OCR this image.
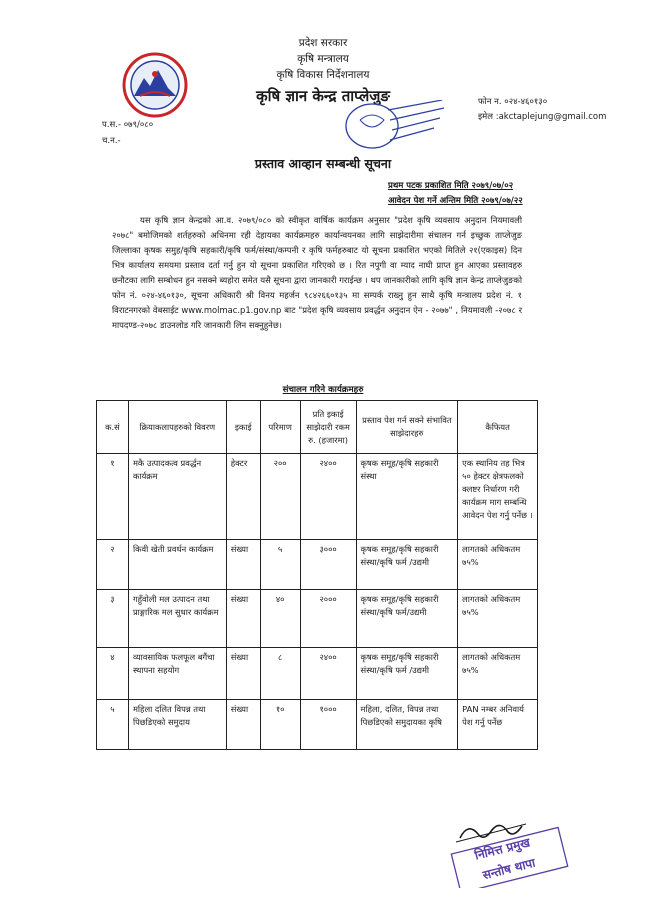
प्रदेश सरकार
कृषि मन्त्रालय
कृषि विकास निर्देशनालय
कृषि ज्ञान केन्द्र ताप्लेजुङ	फोन न. ०२४-४६०१३०
इमेल :akctaplejung@gmail.com
प.स.- ०७९/०८०
च.न.-
प्रस्ताव आव्हान सम्बन्धी सूचना
प्रथम पटक प्रकाशित मिति २०७९/०७/०२
आवेदन पेश गर्ने अन्तिम मिति २०७९/०७/२२
यस कृषि ज्ञान केन्द्रको आ.व. २०७९/०८० को स्वीकृत वार्षिक कार्यक्रम अनुसार "प्रदेश कृषि व्यवसाय अनुदान नियमावली २०७८" बमोजिमको शर्तहरुको अधिनमा रही देहायका कार्यक्रमहरु कार्यान्वयनका लागि साझेदारीमा संचालन गर्न इच्छुक ताप्लेजुङ जिल्लाका कृषक समुह/कृषि सहकारी/कृषि फर्म/संस्था/कम्पनी र कृषि फर्महरुबाट यो सूचना प्रकाशित भएको मितिले २१(एकाइस) दिन भित्र कार्यालय समयमा प्रस्ताव दर्ता गर्नु हुन यो सूचना प्रकाशित गरिएको छ । रित नपुगी वा म्याद नाघी प्राप्त हुन आएका प्रस्तावहरु छनौटका लागि सम्बोधन हुन नसक्ने ब्यहोरा समेत यसै सूचना द्वारा जानकारी गराईन्छ । थप जानकारीको लागि कृषि ज्ञान केन्द्र ताप्लेजुङको फोन नं. ०२४-४६०१३०, सूचना अधिकारी श्री विनय महर्जन ९८४२६६०१३५ मा सम्पर्क राख्नु हुन साथै कृषि मन्त्रालय प्रदेश नं. १ विराटनगरको वेबसाईट www.molmac.p1.gov.np बाट "प्रदेश कृषि व्यवसाय प्रवर्द्धन अनुदान ऐन - २०७७" , नियमावली -२०७८ र मापदण्ड-२०७८ डाउनलोड गरि जानकारी लिन सक्नुहुनेछ।
संचालन गरिने कार्यक्रमहरु
क.सं	क्रियाकलापहरुको विवरण	इकाई	परिमाण	प्रति इकाई साझेदारी रकम रु. (हजारमा)	प्रस्ताव पेश गर्न सक्ने संभावित साझेदारहरु	कैफियत
१	मकै उत्पादकत्व प्रवर्द्धन कार्यक्रम	हेक्टर	२००	२४००	कृषक समूह/कृषि सहकारी संस्था	एक स्थानिय तह भित्र ५० हेक्टर क्षेत्रफलको क्लष्टर निर्धारण गरी कार्यक्रम माग सम्बन्धि आवेदन पेश गर्नु पर्नेछ ।
२	किवी खेती प्रवर्धन कार्यक्रम	संख्या	५	३०००	कृषक समूह/कृषि सहकारी संस्था/कृषि फर्म /उद्यमी	लागतको अधिकतम ७५%
३	गहुँवोली मल उत्पादन तथा प्राङ्गारिक मल सुधार कार्यक्रम	संख्या	४०	२०००	कृषक समूह/कृषि सहकारी संस्था/कृषि फर्म/उद्यमी	लागतको अधिकतम ७५%
४	व्यावसायिक फलफूल बगैंचा स्थापना सहयोग	संख्या	८	२४००	कृषक समूह/कृषि सहकारी संस्था/कृषि फर्म /उद्यमी	लागतको अधिकतम ७५%
५	महिला दलित विपन्न तथा पिछडिएको समुदाय	संख्या	१०	१०००	महिला, दलित, विपन्न तथा पिछडिएको समुदायका कृषि	PAN नम्बर अनिवार्य पेश गर्नु पर्नेछ
निमित्त प्रमुख
सन्तोष थापा
